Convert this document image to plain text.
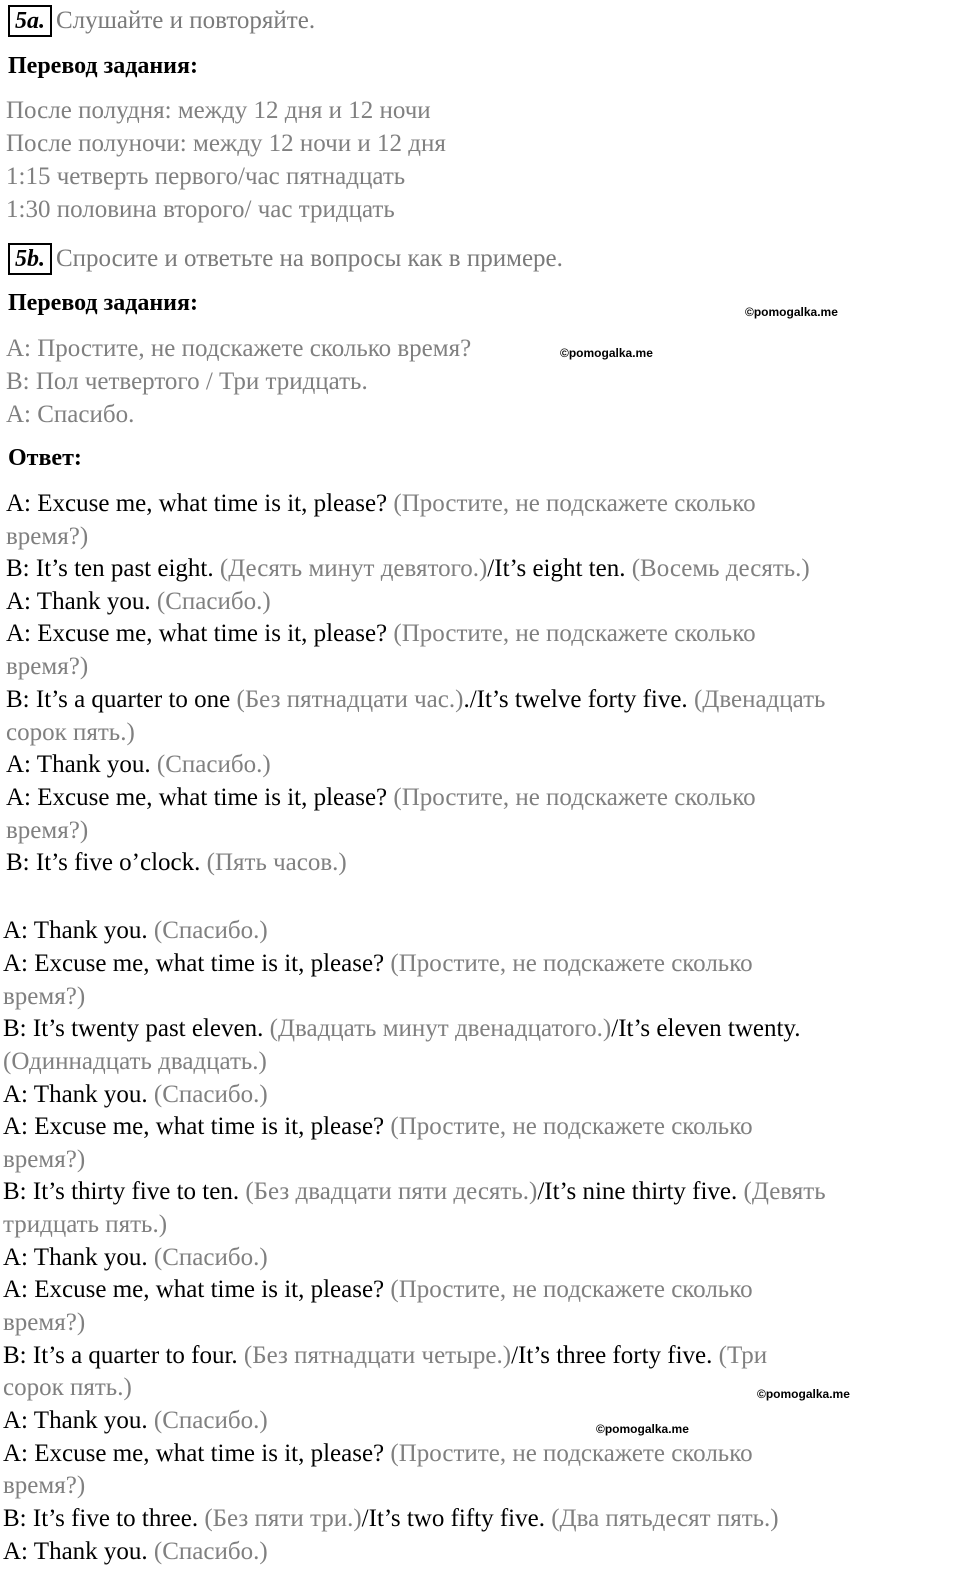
5a. Слушайте и повторяйте.
Перевод задания:
После полудня: между 12 дня и 12 ночи
После полуночи: между 12 ночи и 12 дня
1:15 четверть первого/час пятнадцать
1:30 половина второго/ час тридцать
5b. Спросите и ответьте на вопросы как в примере.
Перевод задания:
A: Простите, не подскажете сколько время?
B: Пол четвертого / Три тридцать.
A: Спасибо.
Ответ:
A: Excuse me, what time is it, please? (Простите, не подскажете сколько
время?)
B: It’s ten past eight. (Десять минут девятого.)/It’s eight ten. (Восемь десять.)
A: Thank you. (Спасибо.)
A: Excuse me, what time is it, please? (Простите, не подскажете сколько
время?)
B: It’s a quarter to one (Без пятнадцати час.)./It’s twelve forty five. (Двенадцать
сорок пять.)
A: Thank you. (Спасибо.)
A: Excuse me, what time is it, please? (Простите, не подскажете сколько
время?)
B: It’s five o’clock. (Пять часов.)
A: Thank you. (Спасибо.)
A: Excuse me, what time is it, please? (Простите, не подскажете сколько
время?)
B: It’s twenty past eleven. (Двадцать минут двенадцатого.)/It’s eleven twenty.
(Одиннадцать двадцать.)
A: Thank you. (Спасибо.)
A: Excuse me, what time is it, please? (Простите, не подскажете сколько
время?)
B: It’s thirty five to ten. (Без двадцати пяти десять.)/It’s nine thirty five. (Девять
тридцать пять.)
A: Thank you. (Спасибо.)
A: Excuse me, what time is it, please? (Простите, не подскажете сколько
время?)
B: It’s a quarter to four. (Без пятнадцати четыре.)/It’s three forty five. (Три
сорок пять.)
A: Thank you. (Спасибо.)
A: Excuse me, what time is it, please? (Простите, не подскажете сколько
время?)
B: It’s five to three. (Без пяти три.)/It’s two fifty five. (Два пятьдесят пять.)
A: Thank you. (Спасибо.)
©pomogalka.me
©pomogalka.me
©pomogalka.me
©pomogalka.me
